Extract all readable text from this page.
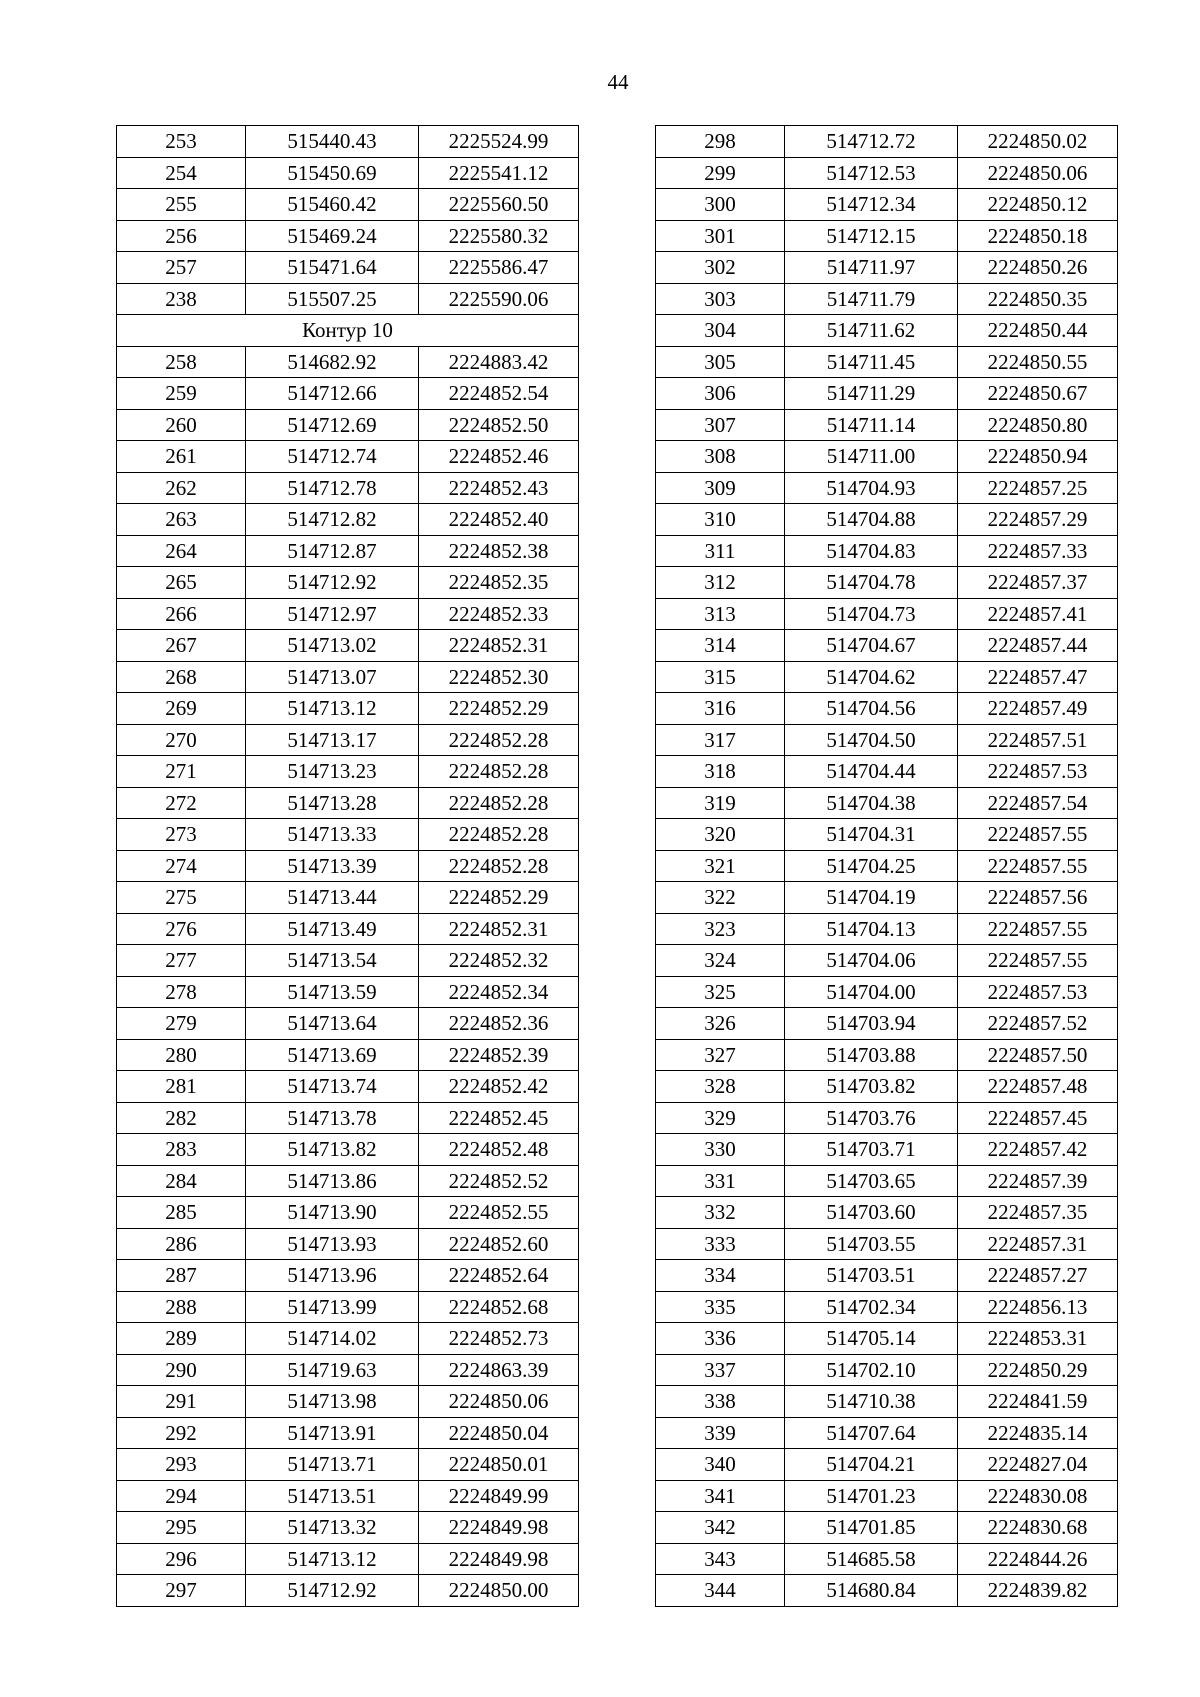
44
253	515440.43	2225524.99
254	515450.69	2225541.12
255	515460.42	2225560.50
256	515469.24	2225580.32
257	515471.64	2225586.47
238	515507.25	2225590.06
Контур 10		
258	514682.92	2224883.42
259	514712.66	2224852.54
260	514712.69	2224852.50
261	514712.74	2224852.46
262	514712.78	2224852.43
263	514712.82	2224852.40
264	514712.87	2224852.38
265	514712.92	2224852.35
266	514712.97	2224852.33
267	514713.02	2224852.31
268	514713.07	2224852.30
269	514713.12	2224852.29
270	514713.17	2224852.28
271	514713.23	2224852.28
272	514713.28	2224852.28
273	514713.33	2224852.28
274	514713.39	2224852.28
275	514713.44	2224852.29
276	514713.49	2224852.31
277	514713.54	2224852.32
278	514713.59	2224852.34
279	514713.64	2224852.36
280	514713.69	2224852.39
281	514713.74	2224852.42
282	514713.78	2224852.45
283	514713.82	2224852.48
284	514713.86	2224852.52
285	514713.90	2224852.55
286	514713.93	2224852.60
287	514713.96	2224852.64
288	514713.99	2224852.68
289	514714.02	2224852.73
290	514719.63	2224863.39
291	514713.98	2224850.06
292	514713.91	2224850.04
293	514713.71	2224850.01
294	514713.51	2224849.99
295	514713.32	2224849.98
296	514713.12	2224849.98
297	514712.92	2224850.00
298	514712.72	2224850.02
299	514712.53	2224850.06
300	514712.34	2224850.12
301	514712.15	2224850.18
302	514711.97	2224850.26
303	514711.79	2224850.35
304	514711.62	2224850.44
305	514711.45	2224850.55
306	514711.29	2224850.67
307	514711.14	2224850.80
308	514711.00	2224850.94
309	514704.93	2224857.25
310	514704.88	2224857.29
311	514704.83	2224857.33
312	514704.78	2224857.37
313	514704.73	2224857.41
314	514704.67	2224857.44
315	514704.62	2224857.47
316	514704.56	2224857.49
317	514704.50	2224857.51
318	514704.44	2224857.53
319	514704.38	2224857.54
320	514704.31	2224857.55
321	514704.25	2224857.55
322	514704.19	2224857.56
323	514704.13	2224857.55
324	514704.06	2224857.55
325	514704.00	2224857.53
326	514703.94	2224857.52
327	514703.88	2224857.50
328	514703.82	2224857.48
329	514703.76	2224857.45
330	514703.71	2224857.42
331	514703.65	2224857.39
332	514703.60	2224857.35
333	514703.55	2224857.31
334	514703.51	2224857.27
335	514702.34	2224856.13
336	514705.14	2224853.31
337	514702.10	2224850.29
338	514710.38	2224841.59
339	514707.64	2224835.14
340	514704.21	2224827.04
341	514701.23	2224830.08
342	514701.85	2224830.68
343	514685.58	2224844.26
344	514680.84	2224839.82
